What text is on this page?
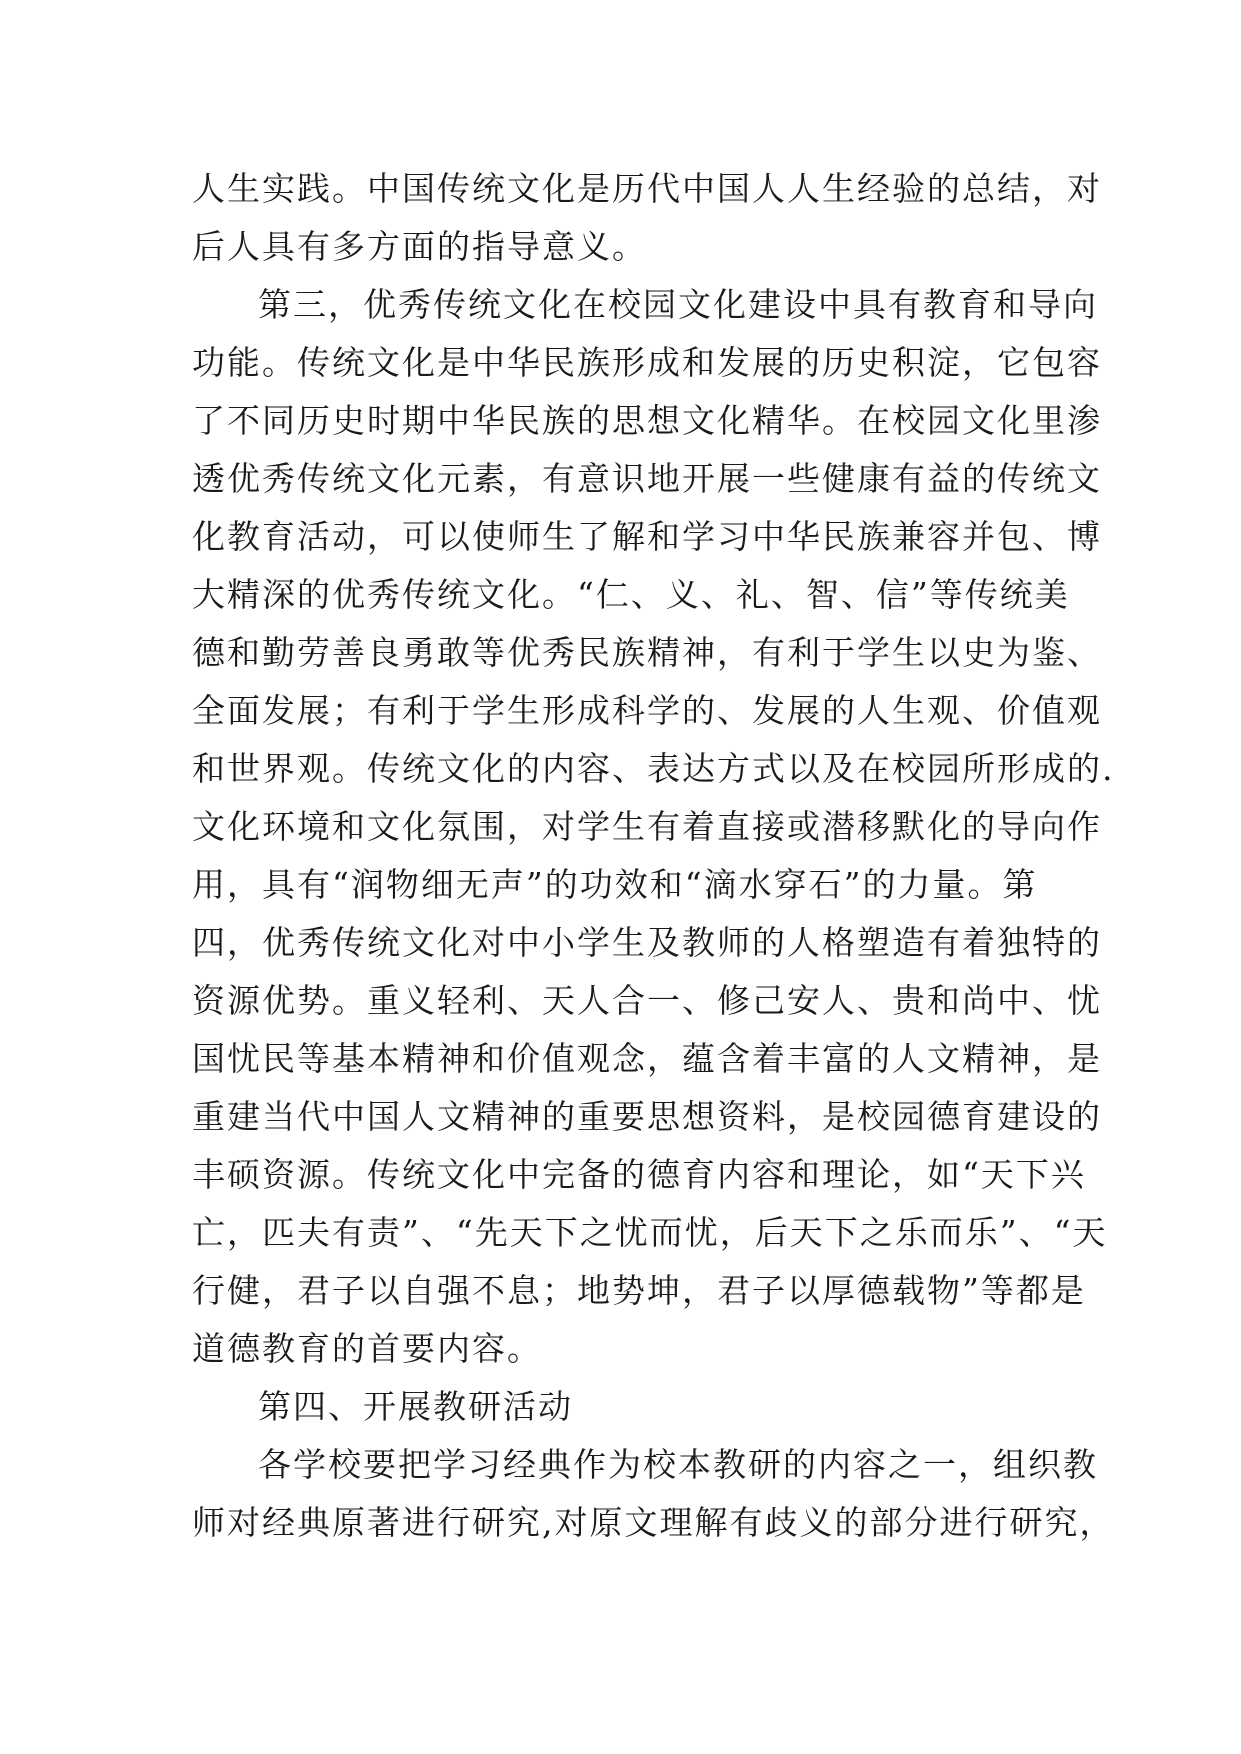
人生实践。中国传统文化是历代中国人人生经验的总结，对
后人具有多方面的指导意义。
第三，优秀传统文化在校园文化建设中具有教育和导向
功能。传统文化是中华民族形成和发展的历史积淀，它包容
了不同历史时期中华民族的思想文化精华。在校园文化里渗
透优秀传统文化元素，有意识地开展一些健康有益的传统文
化教育活动，可以使师生了解和学习中华民族兼容并包、博
大精深的优秀传统文化。“仁、义、礼、智、信”等传统美
德和勤劳善良勇敢等优秀民族精神，有利于学生以史为鉴、
全面发展；有利于学生形成科学的、发展的人生观、价值观
和世界观。传统文化的内容、表达方式以及在校园所形成的.
文化环境和文化氛围，对学生有着直接或潜移默化的导向作
用，具有“润物细无声”的功效和“滴水穿石”的力量。第
四，优秀传统文化对中小学生及教师的人格塑造有着独特的
资源优势。重义轻利、天人合一、修己安人、贵和尚中、忧
国忧民等基本精神和价值观念，蕴含着丰富的人文精神，是
重建当代中国人文精神的重要思想资料，是校园德育建设的
丰硕资源。传统文化中完备的德育内容和理论，如“天下兴
亡，匹夫有责”、“先天下之忧而忧，后天下之乐而乐”、“天
行健，君子以自强不息；地势坤，君子以厚德载物”等都是
道德教育的首要内容。
第四、开展教研活动
各学校要把学习经典作为校本教研的内容之一，组织教
师对经典原著进行研究,对原文理解有歧义的部分进行研究，
